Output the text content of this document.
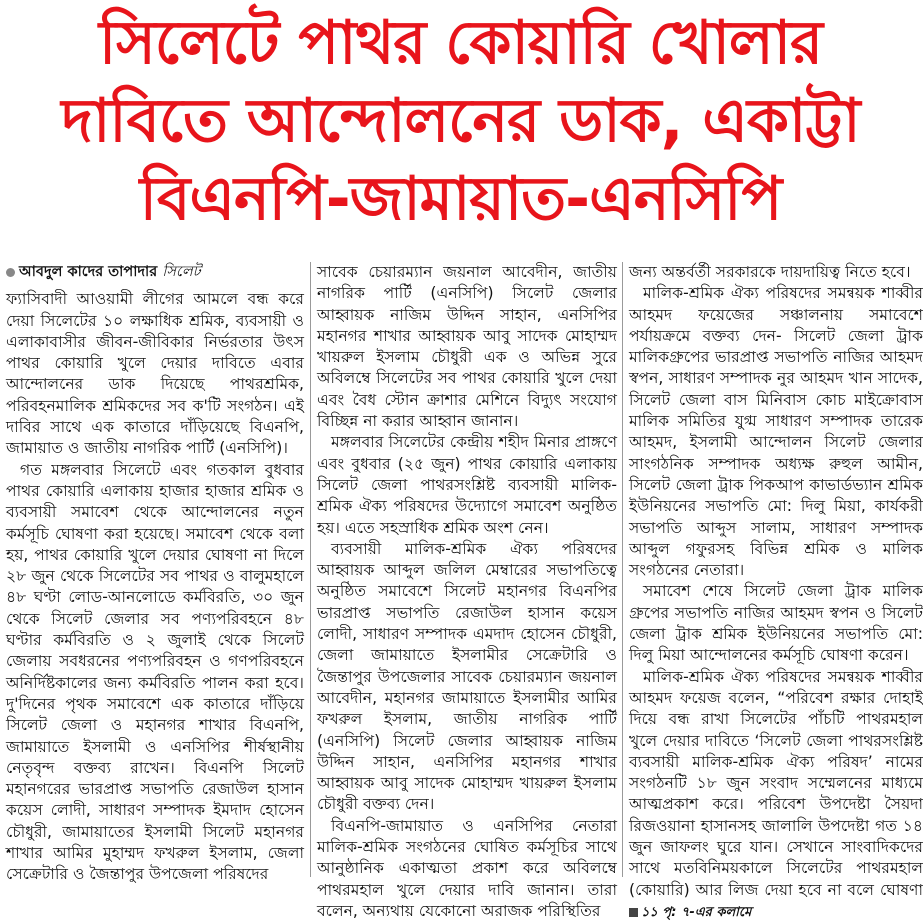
সিলেটে পাথর কোয়ারি খোলার
দাবিতে আন্দোলনের ডাক, একাট্টা
বিএনপি-জামায়াত-এনসিপি
আবদুল কাদের তাপাদার সিলেট

ফ্যাসিবাদী আওয়ামী লীগের আমলে বন্ধ করে দেয়া সিলেটের ১০ লক্ষাধিক শ্রমিক, ব্যবসায়ী ও এলাকাবাসীর জীবন-জীবিকার নির্ভরতার উৎস পাথর কোয়ারি খুলে দেয়ার দাবিতে এবার আন্দোলনের ডাক দিয়েছে পাথরশ্রমিক, পরিবহনমালিক শ্রমিকদের সব ক'টি সংগঠন। এই দাবির সাথে এক কাতারে দাঁড়িয়েছে বিএনপি, জামায়াত ও জাতীয় নাগরিক পার্টি (এনসিপি)।

গত মঙ্গলবার সিলেটে এবং গতকাল বুধবার পাথর কোয়ারি এলাকায় হাজার হাজার শ্রমিক ও ব্যবসায়ী সমাবেশ থেকে আন্দোলনের নতুন কর্মসূচি ঘোষণা করা হয়েছে। সমাবেশ থেকে বলা হয়, পাথর কোয়ারি খুলে দেয়ার ঘোষণা না দিলে ২৮ জুন থেকে সিলেটের সব পাথর ও বালুমহালে ৪৮ ঘণ্টা লোড-আনলোডে কর্মবিরতি, ৩০ জুন থেকে সিলেট জেলার সব পণ্যপরিবহনে ৪৮ ঘণ্টার কর্মবিরতি ও ২ জুলাই থেকে সিলেট জেলায় সবধরনের পণ্যপরিবহন ও গণপরিবহনে অনির্দিষ্টকালের জন্য কর্মবিরতি পালন করা হবে। দু'দিনের পৃথক সমাবেশে এক কাতারে দাঁড়িয়ে সিলেট জেলা ও মহানগর শাখার বিএনপি, জামায়াতে ইসলামী ও এনসিপির শীর্ষস্থানীয় নেতৃবৃন্দ বক্তব্য রাখেন। বিএনপি সিলেট মহানগরের ভারপ্রাপ্ত সভাপতি রেজাউল হাসান কয়েস লোদী, সাধারণ সম্পাদক ইমদাদ হোসেন চৌধুরী, জামায়াতের ইসলামী সিলেট মহানগর শাখার আমির মুহাম্মদ ফখরুল ইসলাম, জেলা সেক্রেটারি ও জৈন্তাপুর উপজেলা পরিষদের

সাবেক চেয়ারম্যান জয়নাল আবেদীন, জাতীয় নাগরিক পার্টি (এনসিপি) সিলেট জেলার আহ্বায়ক নাজিম উদ্দিন সাহান, এনসিপির মহানগর শাখার আহ্বায়ক আবু সাদেক মোহাম্মদ খায়রুল ইসলাম চৌধুরী এক ও অভিন্ন সুরে অবিলম্বে সিলেটের সব পাথর কোয়ারি খুলে দেয়া এবং বৈধ স্টোন ক্রাশার মেশিনে বিদ্যুৎ সংযোগ বিচ্ছিন্ন না করার আহ্বান জানান।

মঙ্গলবার সিলেটের কেন্দ্রীয় শহীদ মিনার প্রাঙ্গণে এবং বুধবার (২৫ জুন) পাথর কোয়ারি এলাকায় সিলেট জেলা পাথরসংশ্লিষ্ট ব্যবসায়ী মালিক-শ্রমিক ঐক্য পরিষদের উদ্যোগে সমাবেশ অনুষ্ঠিত হয়। এতে সহস্রাধিক শ্রমিক অংশ নেন।

ব্যবসায়ী মালিক-শ্রমিক ঐক্য পরিষদের আহ্বায়ক আব্দুল জলিল মেম্বারের সভাপতিত্বে অনুষ্ঠিত সমাবেশে সিলেট মহানগর বিএনপির ভারপ্রাপ্ত সভাপতি রেজাউল হাসান কয়েস লোদী, সাধারণ সম্পাদক এমদাদ হোসেন চৌধুরী, জেলা জামায়াতে ইসলামীর সেক্রেটারি ও জৈন্তাপুর উপজেলার সাবেক চেয়ারম্যান জয়নাল আবেদীন, মহানগর জামায়াতে ইসলামীর আমির ফখরুল ইসলাম, জাতীয় নাগরিক পার্টি (এনসিপি) সিলেট জেলার আহ্বায়ক নাজিম উদ্দিন সাহান, এনসিপির মহানগর শাখার আহ্বায়ক আবু সাদেক মোহাম্মদ খায়রুল ইসলাম চৌধুরী বক্তব্য দেন।

বিএনপি-জামায়াত ও এনসিপির নেতারা মালিক-শ্রমিক সংগঠনের ঘোষিত কর্মসূচির সাথে আনুষ্ঠানিক একাত্মতা প্রকাশ করে অবিলম্বে পাথরমহাল খুলে দেয়ার দাবি জানান। তারা বলেন, অন্যথায় যেকোনো অরাজক পরিস্থিতির

জন্য অন্তর্বর্তী সরকারকে দায়দায়িত্ব নিতে হবে।

মালিক-শ্রমিক ঐক্য পরিষদের সমন্বয়ক শাব্বীর আহমদ ফয়েজের সঞ্চালনায় সমাবেশে পর্যায়ক্রমে বক্তব্য দেন- সিলেট জেলা ট্রাক মালিকগ্রুপের ভারপ্রাপ্ত সভাপতি নাজির আহমদ স্বপন, সাধারণ সম্পাদক নুর আহমদ খান সাদেক, সিলেট জেলা বাস মিনিবাস কোচ মাইক্রোবাস মালিক সমিতির যুগ্ম সাধারণ সম্পাদক তারেক আহমদ, ইসলামী আন্দোলন সিলেট জেলার সাংগঠনিক সম্পাদক অধ্যক্ষ রুহুল আমীন, সিলেট জেলা ট্রাক পিকআপ কাভার্ডভ্যান শ্রমিক ইউনিয়নের সভাপতি মো: দিলু মিয়া, কার্যকরী সভাপতি আব্দুস সালাম, সাধারণ সম্পাদক আব্দুল গফুরসহ বিভিন্ন শ্রমিক ও মালিক সংগঠনের নেতারা।

সমাবেশ শেষে সিলেট জেলা ট্রাক মালিক গ্রুপের সভাপতি নাজির আহমদ স্বপন ও সিলেট জেলা ট্রাক শ্রমিক ইউনিয়নের সভাপতি মো: দিলু মিয়া আন্দোলনের কর্মসূচি ঘোষণা করেন।

মালিক-শ্রমিক ঐক্য পরিষদের সমন্বয়ক শাব্বীর আহমদ ফয়েজ বলেন, “পরিবেশ রক্ষার দোহাই দিয়ে বন্ধ রাখা সিলেটের পাঁচটি পাথরমহাল খুলে দেয়ার দাবিতে ‘সিলেট জেলা পাথরসংশ্লিষ্ট ব্যবসায়ী মালিক-শ্রমিক ঐক্য পরিষদ’ নামের সংগঠনটি ১৮ জুন সংবাদ সম্মেলনের মাধ্যমে আত্মপ্রকাশ করে। পরিবেশ উপদেষ্টা সৈয়দা রিজওয়ানা হাসানসহ জালালি উপদেষ্টা গত ১৪ জুন জাফলং ঘুরে যান। সেখানে সাংবাদিকদের সাথে মতবিনিময়কালে সিলেটের পাথরমহাল (কোয়ারি) আর লিজ দেয়া হবে না বলে ঘোষণা ১১ পৃ: ৭-এর কলামে
